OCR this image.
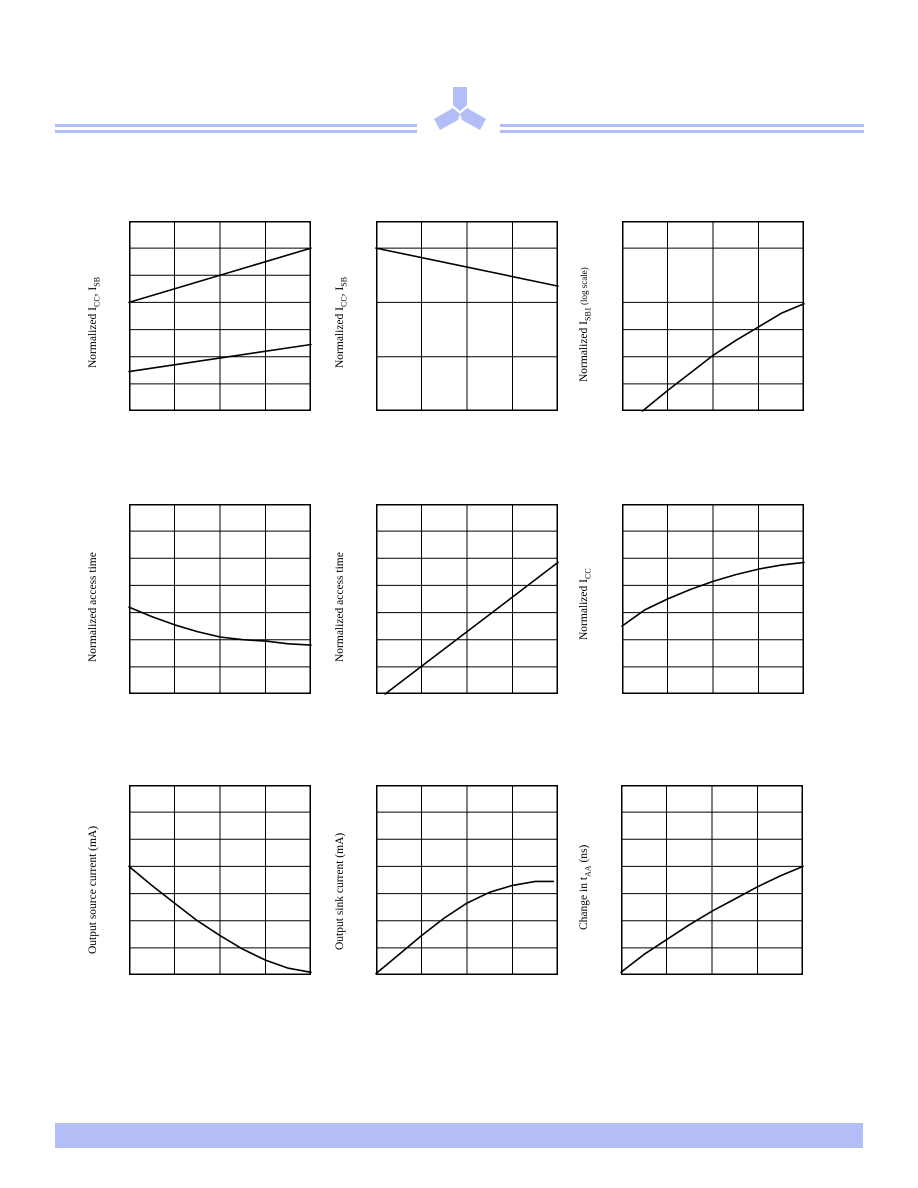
Normalized $I_{CC}$, $I_{SB}$
Normalized $I_{CC}$, $I_{SB}$
Normalized $I_{SB1}$ (log scale)
Normalized access time	Normalized access time	Normalized $I_{CC}$
Output source current (mA)	Output sink current (mA)	Change in $t_{AA}$ (ns)
